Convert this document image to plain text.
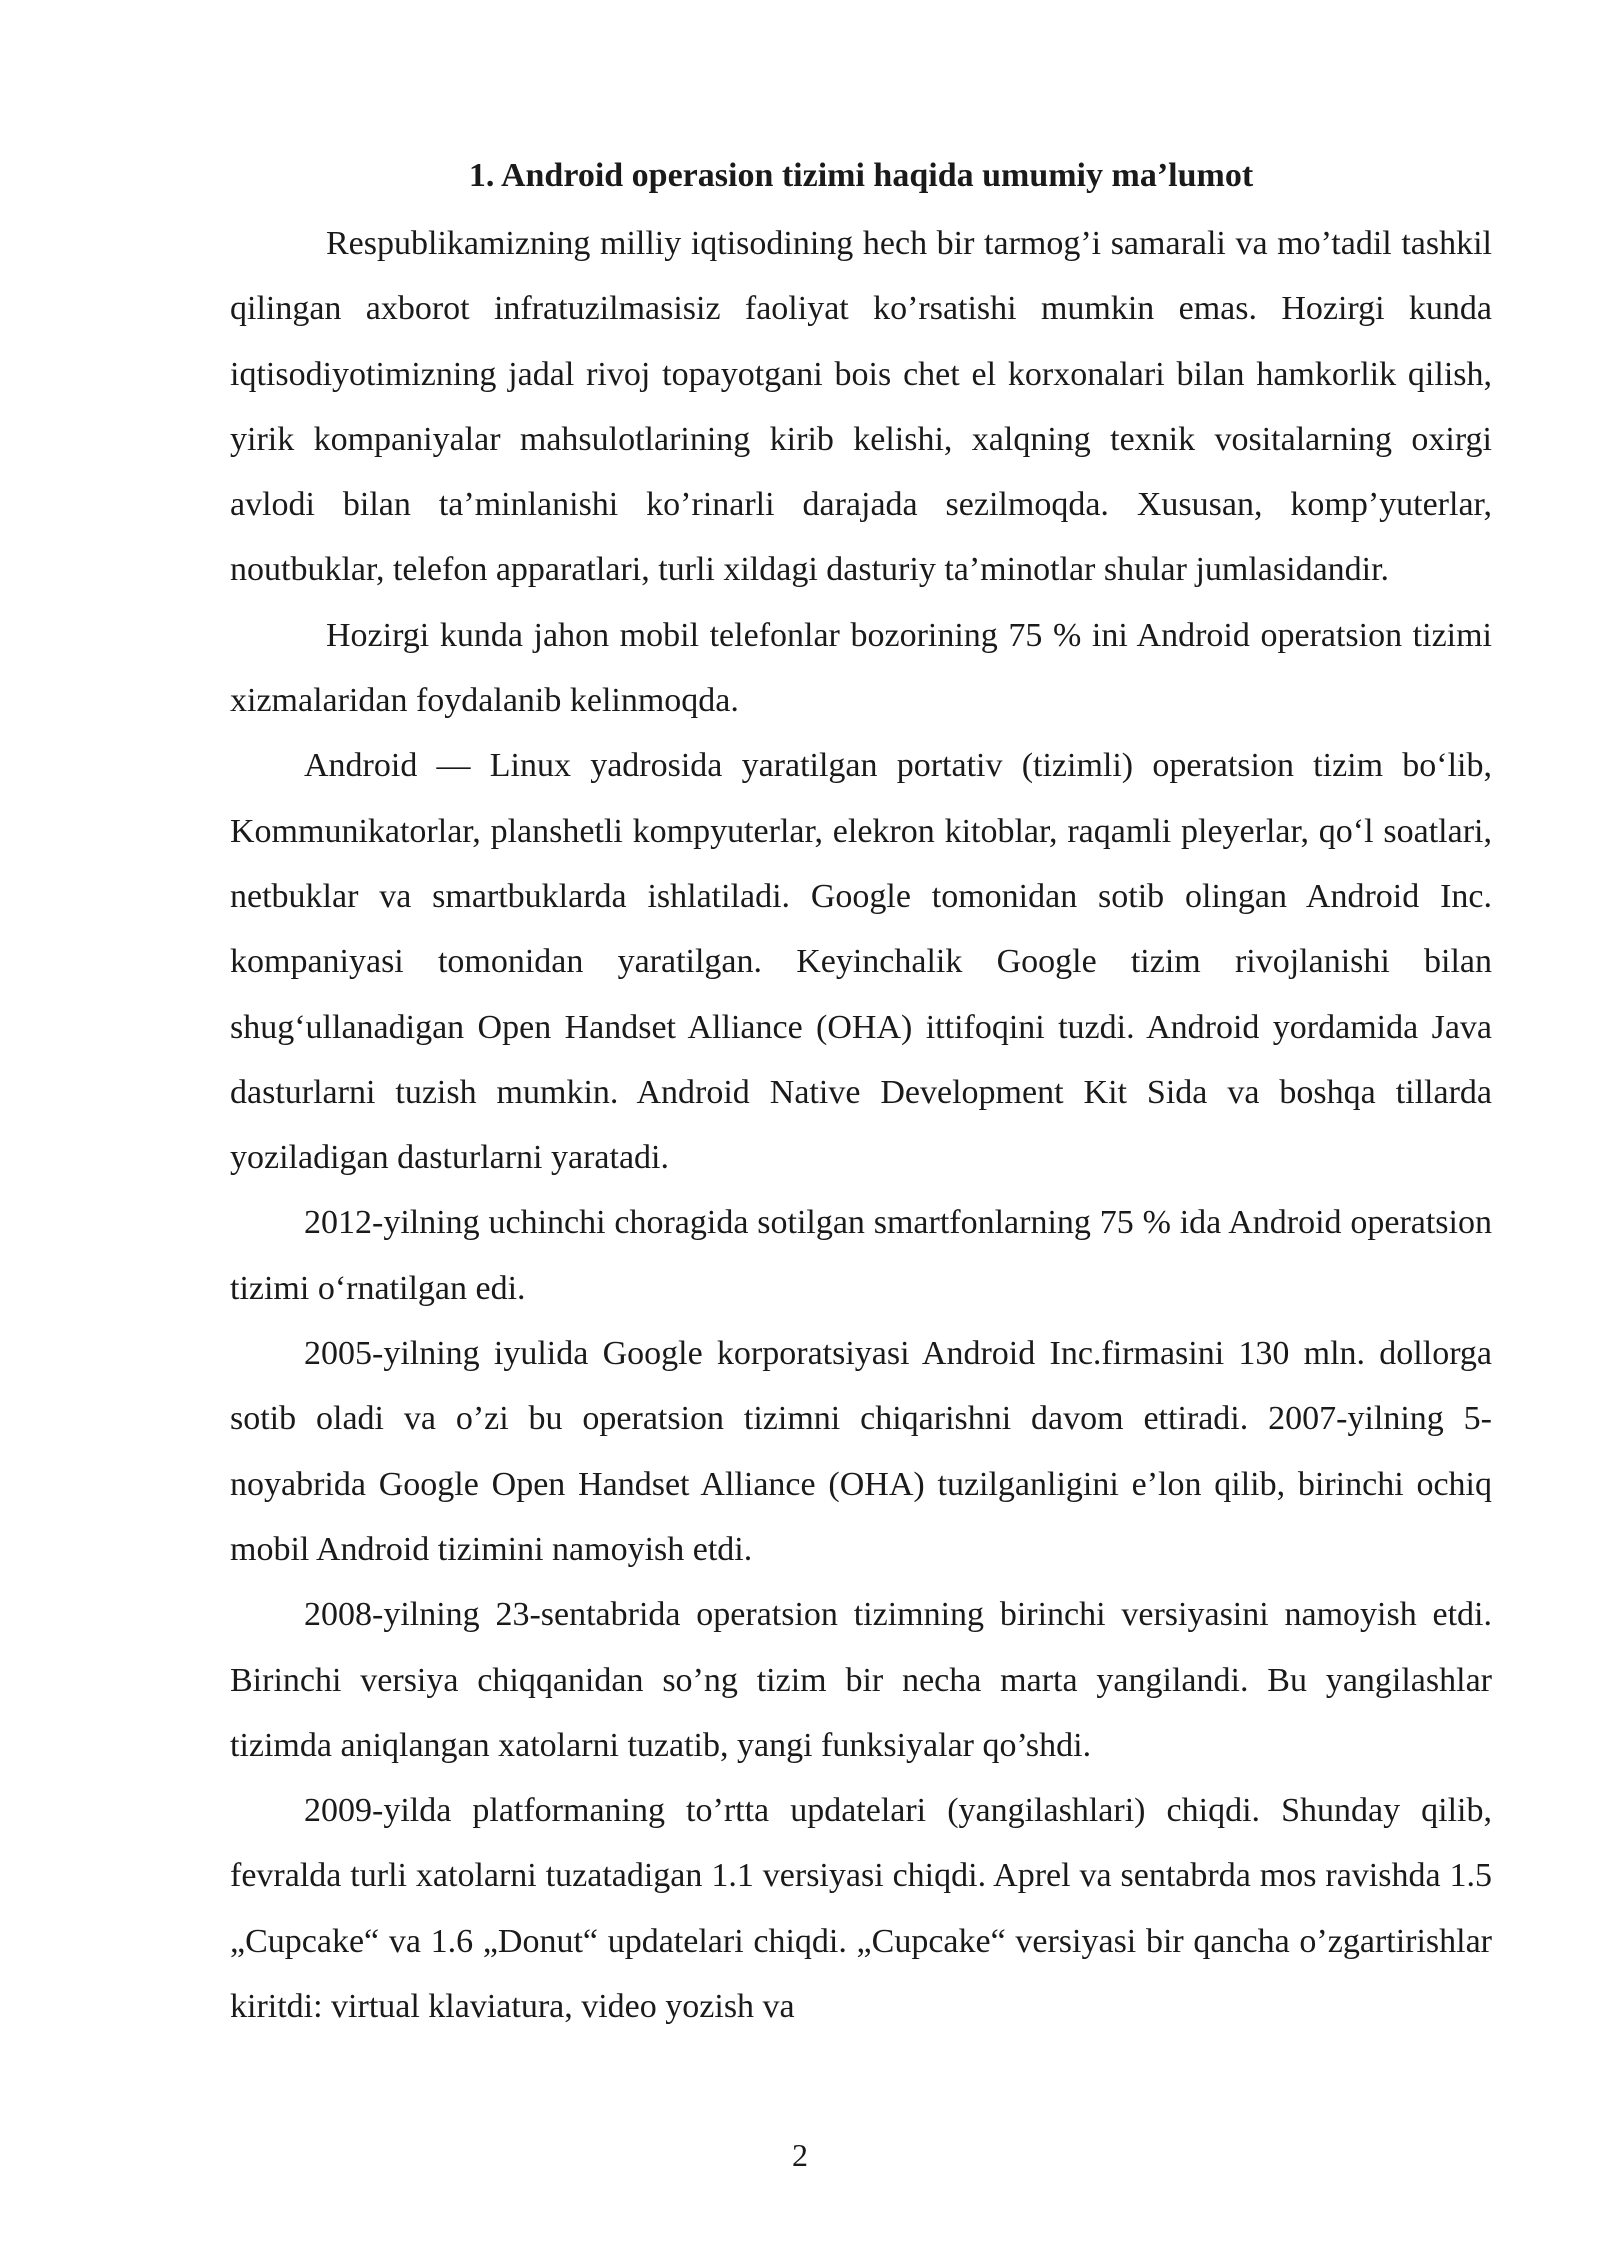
1. Android operasion tizimi haqida umumiy ma’lumot

Respublikamizning milliy iqtisodining hech bir tarmog’i samarali va mo’tadil tashkil qilingan axborot infratuzilmasisiz faoliyat ko’rsatishi mumkin emas. Hozirgi kunda iqtisodiyotimizning jadal rivoj topayotgani bois chet el korxonalari bilan hamkorlik qilish, yirik kompaniyalar mahsulotlarining kirib kelishi, xalqning texnik vositalarning oxirgi avlodi bilan ta’minlanishi ko’rinarli darajada sezilmoqda. Xususan, komp’yuterlar, noutbuklar, telefon apparatlari, turli xildagi dasturiy ta’minotlar shular jumlasidandir.

Hozirgi kunda jahon mobil telefonlar bozorining 75 % ini Android operatsion tizimi xizmalaridan foydalanib kelinmoqda.

Android — Linux yadrosida yaratilgan portativ (tizimli) operatsion tizim bo‘lib, Kommunikatorlar, planshetli kompyuterlar, elekron kitoblar, raqamli pleyerlar, qo‘l soatlari, netbuklar va smartbuklarda ishlatiladi. Google tomonidan sotib olingan Android Inc. kompaniyasi tomonidan yaratilgan. Keyinchalik Google tizim rivojlanishi bilan shug‘ullanadigan Open Handset Alliance (OHA) ittifoqini tuzdi. Android yordamida Java dasturlarni tuzish mumkin. Android Native Development Kit Sida va boshqa tillarda yoziladigan dasturlarni yaratadi.

2012-yilning uchinchi choragida sotilgan smartfonlarning 75 % ida Android operatsion tizimi o‘rnatilgan edi.

2005-yilning iyulida Google korporatsiyasi Android Inc.firmasini 130 mln. dollorga sotib oladi va o’zi bu operatsion tizimni chiqarishni davom ettiradi. 2007-yilning 5-noyabrida Google Open Handset Alliance (OHA) tuzilganligini e’lon qilib, birinchi ochiq mobil Android tizimini namoyish etdi.

2008-yilning 23-sentabrida operatsion tizimning birinchi versiyasini namoyish etdi. Birinchi versiya chiqqanidan so’ng tizim bir necha marta yangilandi. Bu yangilashlar tizimda aniqlangan xatolarni tuzatib, yangi funksiyalar qo’shdi.

2009-yilda platformaning to’rtta updatelari (yangilashlari) chiqdi. Shunday qilib, fevralda turli xatolarni tuzatadigan 1.1 versiyasi chiqdi. Aprel va sentabrda mos ravishda 1.5 „Cupcake“ va 1.6 „Donut“ updatelari chiqdi. „Cupcake“ versiyasi bir qancha o’zgartirishlar kiritdi: virtual klaviatura, video yozish va

2
